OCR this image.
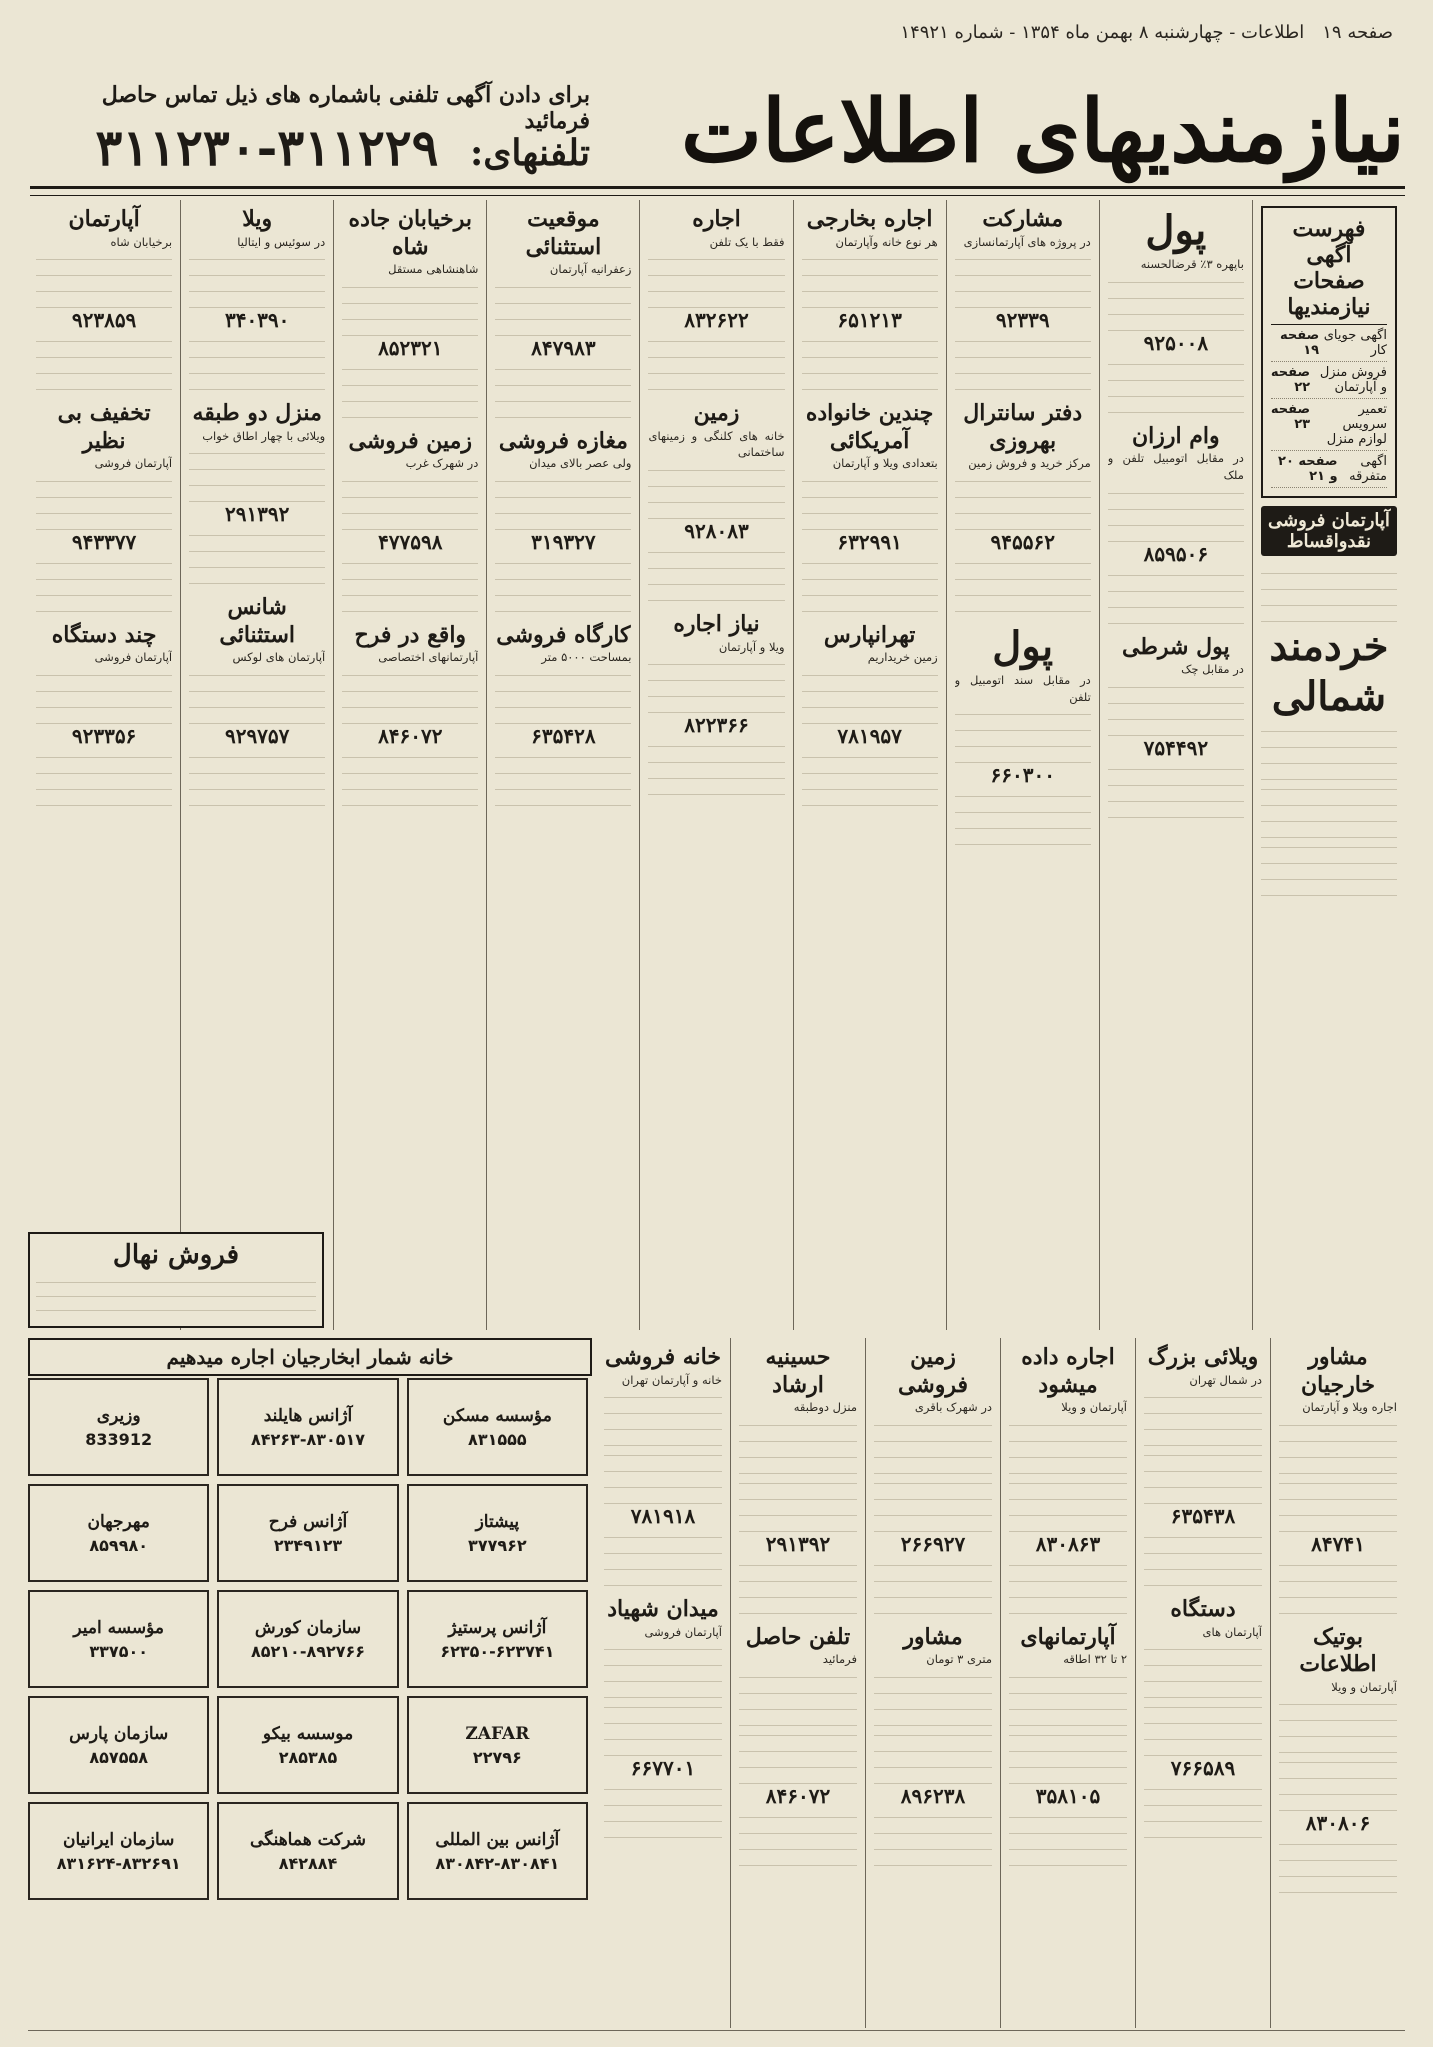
صفحه ۱۹
اطلاعات - چهارشنبه ۸ بهمن ماه ۱۳۵۴ - شماره ۱۴۹۲۱
نیازمندیهای اطلاعات
برای دادن آگهی تلفنی باشماره های ذیل تماس حاصل فرمائید
تلفنهای: ۳۱۱۲۲۹-۳۱۱۲۳۰
فهرست آگهی صفحات نیازمندیها
اگهی جویای کار
صفحه ۱۹
فروش منزل و آپارتمان
صفحه ۲۲
تعمیر سرویس لوازم منزل
صفحه ۲۳
اگهی متفرقه
صفحه ۲۰ و ۲۱
آپارتمان فروشی نقدواقساط
خردمند شمالی
پول
باپهره ۳٪ قرضالحسنه
۹۲۵۰۰۸
وام ارزان
در مقابل اتومبیل تلفن و ملک
۸۵۹۵۰۶
پول شرطی
در مقابل چک
۷۵۴۴۹۲
مشارکت
در پروژه های آپارتمانسازی
۹۲۳۳۹
دفتر سانترال بهروزی
مرکز خرید و فروش زمین
۹۴۵۵۶۲
پول
در مقابل سند اتومبیل و تلفن
۶۶۰۳۰۰
اجاره بخارجی
هر نوع خانه وآپارتمان
۶۵۱۲۱۳
چندین خانواده آمریکائی
بتعدادی ویلا و آپارتمان
۶۳۲۹۹۱
تهرانپارس
زمین خریداریم
۷۸۱۹۵۷
اجاره
فقط با یک تلفن
۸۳۲۶۲۲
زمین
خانه های کلنگی و زمینهای ساختمانی
۹۲۸۰۸۳
نیاز اجاره
ویلا و آپارتمان
۸۲۲۳۶۶
موقعیت استثنائی
زعفرانیه آپارتمان
۸۴۷۹۸۳
مغازه فروشی
ولی عصر بالای میدان
۳۱۹۳۲۷
کارگاه فروشی
بمساحت ۵۰۰۰ متر
۶۳۵۴۲۸
برخیابان جاده شاه
شاهنشاهی مستقل
۸۵۲۳۲۱
زمین فروشی
در شهرک غرب
۴۷۷۵۹۸
واقع در فرح
آپارتمانهای اختصاصی
۸۴۶۰۷۲
ویلا
در سوئیس و ایتالیا
۳۴۰۳۹۰
منزل دو طبقه
ویلائی با چهار اطاق خواب
۲۹۱۳۹۲
شانس استثنائی
آپارتمان های لوکس
۹۲۹۷۵۷
آپارتمان
برخیابان شاه
۹۲۳۸۵۹
تخفیف بی نظیر
آپارتمان فروشی
۹۴۳۳۷۷
چند دستگاه
آپارتمان فروشی
۹۲۳۳۵۶
فروش نهال
خانه شمار ابخارجیان اجاره میدهیم
مؤسسه مسکن
۸۳۱۵۵۵
آژانس هایلند
۸۴۲۶۳-۸۳۰۵۱۷
وزیری
833912
پیشتاز
۳۷۷۹۶۲
آژانس فرح
۲۳۴۹۱۲۳
مهرجهان
۸۵۹۹۸۰
آژانس پرستیژ
۶۲۳۵۰-۶۲۳۷۴۱
سازمان کورش
۸۵۲۱۰-۸۹۲۷۶۶
مؤسسه امیر
۳۳۷۵۰۰
ZAFAR
۲۲۷۹۶
موسسه بیکو
۲۸۵۳۸۵
سازمان پارس
۸۵۷۵۵۸
آژانس بین المللی
۸۳۰۸۴۲-۸۳۰۸۴۱
شرکت هماهنگی
۸۴۲۸۸۴
سازمان ایرانیان
۸۳۱۶۲۴-۸۳۲۶۹۱
مشاور خارجیان
اجاره ویلا و آپارتمان
۸۴۷۴۱
بوتیک اطلاعات
آپارتمان و ویلا
۸۳۰۸۰۶
ویلائی بزرگ
در شمال تهران
۶۳۵۴۳۸
دستگاه
آپارتمان های
۷۶۶۵۸۹
اجاره داده میشود
آپارتمان و ویلا
۸۳۰۸۶۳
آپارتمانهای
۲ تا ۳۲ اطاقه
۳۵۸۱۰۵
زمین فروشی
در شهرک باقری
۲۶۶۹۲۷
مشاور
متری ۳ تومان
۸۹۶۲۳۸
حسینیه ارشاد
منزل دوطبقه
۲۹۱۳۹۲
تلفن حاصل
فرمائید
۸۴۶۰۷۲
خانه فروشی
خانه و آپارتمان تهران
۷۸۱۹۱۸
میدان شهیاد
آپارتمان فروشی
۶۶۷۷۰۱
